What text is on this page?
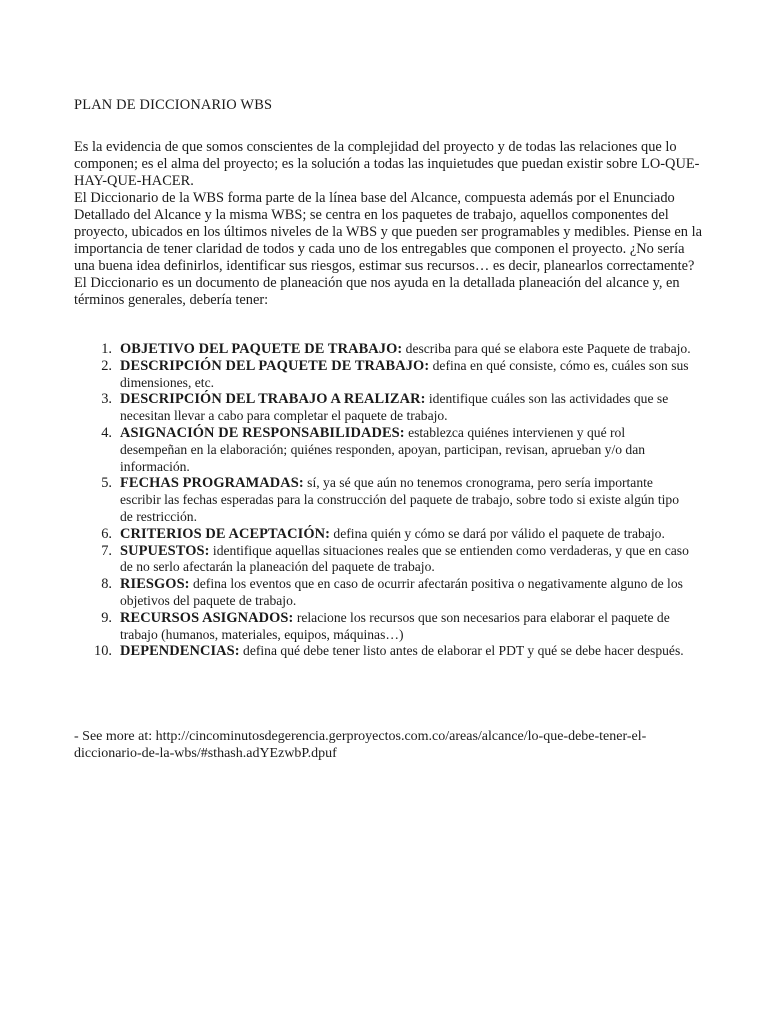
PLAN DE DICCIONARIO WBS

Es la evidencia de que somos conscientes de la complejidad del proyecto y de todas las relaciones que lo componen; es el alma del proyecto; es la solución a todas las inquietudes que puedan existir sobre LO-QUE-HAY-QUE-HACER.

El Diccionario de la WBS forma parte de la línea base del Alcance, compuesta además por el Enunciado Detallado del Alcance y la misma WBS; se centra en los paquetes de trabajo, aquellos componentes del proyecto, ubicados en los últimos niveles de la WBS y que pueden ser programables y medibles. Piense en la importancia de tener claridad de todos y cada uno de los entregables que componen el proyecto. ¿No sería una buena idea definirlos, identificar sus riesgos, estimar sus recursos… es decir, planearlos correctamente?

El Diccionario es un documento de planeación que nos ayuda en la detallada planeación del alcance y, en términos generales, debería tener:

1. OBJETIVO DEL PAQUETE DE TRABAJO: describa para qué se elabora este Paquete de trabajo.
2. DESCRIPCIÓN DEL PAQUETE DE TRABAJO: defina en qué consiste, cómo es, cuáles son sus dimensiones, etc.
3. DESCRIPCIÓN DEL TRABAJO A REALIZAR: identifique cuáles son las actividades que se necesitan llevar a cabo para completar el paquete de trabajo.
4. ASIGNACIÓN DE RESPONSABILIDADES: establezca quiénes intervienen y qué rol desempeñan en la elaboración; quiénes responden, apoyan, participan, revisan, aprueban y/o dan información.
5. FECHAS PROGRAMADAS: sí, ya sé que aún no tenemos cronograma, pero sería importante escribir las fechas esperadas para la construcción del paquete de trabajo, sobre todo si existe algún tipo de restricción.
6. CRITERIOS DE ACEPTACIÓN: defina quién y cómo se dará por válido el paquete de trabajo.
7. SUPUESTOS: identifique aquellas situaciones reales que se entienden como verdaderas, y que en caso de no serlo afectarán la planeación del paquete de trabajo.
8. RIESGOS: defina los eventos que en caso de ocurrir afectarán positiva o negativamente alguno de los objetivos del paquete de trabajo.
9. RECURSOS ASIGNADOS: relacione los recursos que son necesarios para elaborar el paquete de trabajo (humanos, materiales, equipos, máquinas…)
10. DEPENDENCIAS: defina qué debe tener listo antes de elaborar el PDT y qué se debe hacer después.

- See more at: http://cincominutosdegerencia.gerproyectos.com.co/areas/alcance/lo-que-debe-tener-el-diccionario-de-la-wbs/#sthash.adYEzwbP.dpuf
